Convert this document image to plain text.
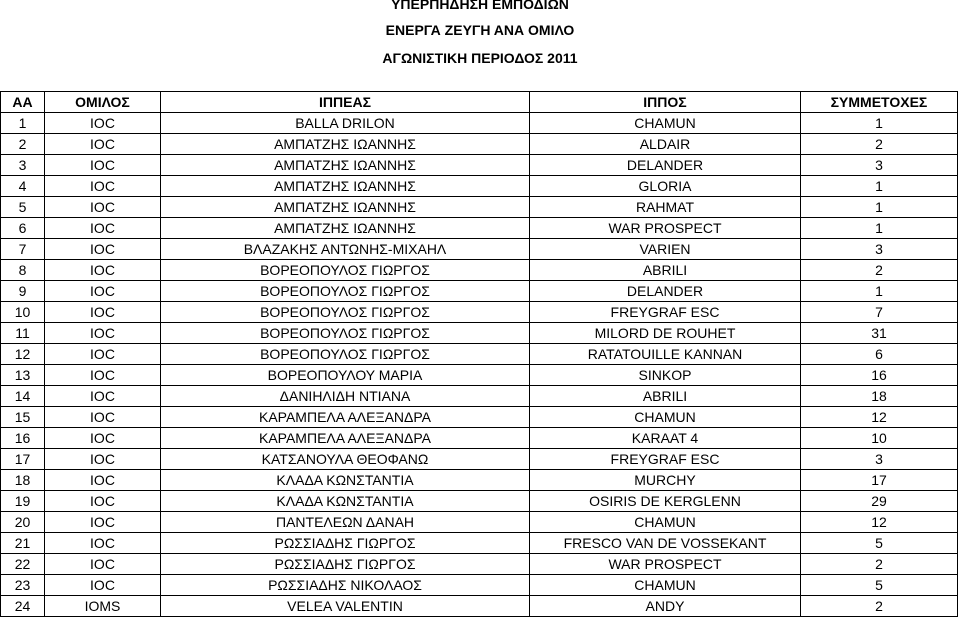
ΥΠΕΡΠΗΔΗΣΗ ΕΜΠΟΔΙΩΝ
ΕΝΕΡΓΑ ΖΕΥΓΗ ΑΝΑ ΟΜΙΛΟ
ΑΓΩΝΙΣΤΙΚΗ ΠΕΡΙΟΔΟΣ 2011
ΑΑ	ΟΜΙΛΟΣ	ΙΠΠΕΑΣ	ΙΠΠΟΣ	ΣΥΜΜΕΤΟΧΕΣ
1	IOC	BALLA DRILON	CHAMUN	1
2	IOC	ΑΜΠΑΤΖΗΣ ΙΩΑΝΝΗΣ	ALDAIR	2
3	IOC	ΑΜΠΑΤΖΗΣ ΙΩΑΝΝΗΣ	DELANDER	3
4	IOC	ΑΜΠΑΤΖΗΣ ΙΩΑΝΝΗΣ	GLORIA	1
5	IOC	ΑΜΠΑΤΖΗΣ ΙΩΑΝΝΗΣ	RAHMAT	1
6	IOC	ΑΜΠΑΤΖΗΣ ΙΩΑΝΝΗΣ	WAR PROSPECT	1
7	IOC	ΒΛΑΖΑΚΗΣ ΑΝΤΩΝΗΣ-ΜΙΧΑΗΛ	VARIEN	3
8	IOC	ΒΟΡΕΟΠΟΥΛΟΣ ΓΙΩΡΓΟΣ	ABRILI	2
9	IOC	ΒΟΡΕΟΠΟΥΛΟΣ ΓΙΩΡΓΟΣ	DELANDER	1
10	IOC	ΒΟΡΕΟΠΟΥΛΟΣ ΓΙΩΡΓΟΣ	FREYGRAF ESC	7
11	IOC	ΒΟΡΕΟΠΟΥΛΟΣ ΓΙΩΡΓΟΣ	MILORD DE ROUHET	31
12	IOC	ΒΟΡΕΟΠΟΥΛΟΣ ΓΙΩΡΓΟΣ	RATATOUILLE KANNAN	6
13	IOC	ΒΟΡΕΟΠΟΥΛΟΥ ΜΑΡΙΑ	SINKOP	16
14	IOC	ΔΑΝΙΗΛΙΔΗ ΝΤΙΑΝΑ	ABRILI	18
15	IOC	ΚΑΡΑΜΠΕΛΑ ΑΛΕΞΑΝΔΡΑ	CHAMUN	12
16	IOC	ΚΑΡΑΜΠΕΛΑ ΑΛΕΞΑΝΔΡΑ	KARAAT 4	10
17	IOC	ΚΑΤΣΑΝΟΥΛΑ ΘΕΟΦΑΝΩ	FREYGRAF ESC	3
18	IOC	ΚΛΑΔΑ ΚΩΝΣΤΑΝΤΙΑ	MURCHY	17
19	IOC	ΚΛΑΔΑ ΚΩΝΣΤΑΝΤΙΑ	OSIRIS DE KERGLENN	29
20	IOC	ΠΑΝΤΕΛΕΩΝ ΔΑΝΑΗ	CHAMUN	12
21	IOC	ΡΩΣΣΙΑΔΗΣ ΓΙΩΡΓΟΣ	FRESCO VAN DE VOSSEKANT	5
22	IOC	ΡΩΣΣΙΑΔΗΣ ΓΙΩΡΓΟΣ	WAR PROSPECT	2
23	IOC	ΡΩΣΣΙΑΔΗΣ ΝΙΚΟΛΑΟΣ	CHAMUN	5
24	IOMS	VELEA VALENTIN	ANDY	2
